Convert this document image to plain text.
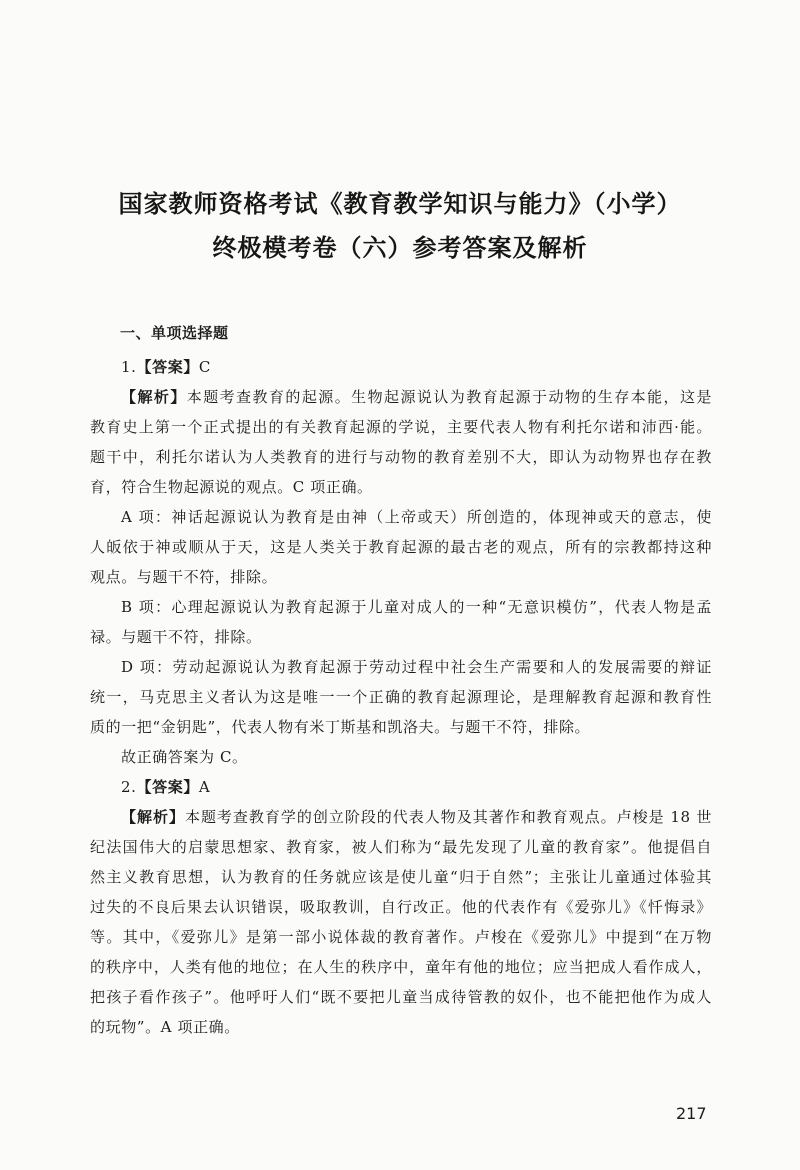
国家教师资格考试《教育教学知识与能力》（小学）
终极模考卷（六）参考答案及解析
一、单项选择题
1.【答案】C
【解析】本题考查教育的起源。生物起源说认为教育起源于动物的生存本能，这是
教育史上第一个正式提出的有关教育起源的学说，主要代表人物有利托尔诺和沛西·能。
题干中，利托尔诺认为人类教育的进行与动物的教育差别不大，即认为动物界也存在教
育，符合生物起源说的观点。C 项正确。
A 项：神话起源说认为教育是由神（上帝或天）所创造的，体现神或天的意志，使
人皈依于神或顺从于天，这是人类关于教育起源的最古老的观点，所有的宗教都持这种
观点。与题干不符，排除。
B 项：心理起源说认为教育起源于儿童对成人的一种“无意识模仿”，代表人物是孟
禄。与题干不符，排除。
D 项：劳动起源说认为教育起源于劳动过程中社会生产需要和人的发展需要的辩证
统一，马克思主义者认为这是唯一一个正确的教育起源理论，是理解教育起源和教育性
质的一把“金钥匙”，代表人物有米丁斯基和凯洛夫。与题干不符，排除。
故正确答案为 C。
2.【答案】A
【解析】本题考查教育学的创立阶段的代表人物及其著作和教育观点。卢梭是 18 世
纪法国伟大的启蒙思想家、教育家，被人们称为“最先发现了儿童的教育家”。他提倡自
然主义教育思想，认为教育的任务就应该是使儿童“归于自然”；主张让儿童通过体验其
过失的不良后果去认识错误，吸取教训，自行改正。他的代表作有《爱弥儿》《忏悔录》
等。其中，《爱弥儿》是第一部小说体裁的教育著作。卢梭在《爱弥儿》中提到“在万物
的秩序中，人类有他的地位；在人生的秩序中，童年有他的地位；应当把成人看作成人，
把孩子看作孩子”。他呼吁人们“既不要把儿童当成待管教的奴仆，也不能把他作为成人
的玩物”。A 项正确。
217
